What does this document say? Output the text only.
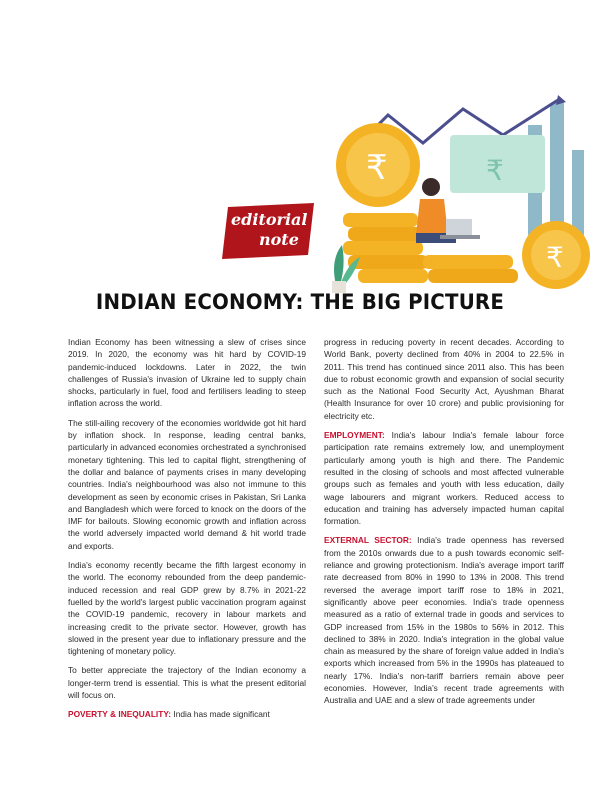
editorial
note
₹
₹
₹
INDIAN ECONOMY: THE BIG PICTURE

Indian Economy has been witnessing a slew of crises since 2019. In 2020, the economy was hit hard by COVID-19 pandemic-induced lockdowns. Later in 2022, the twin challenges of Russia's invasion of Ukraine led to supply chain shocks, particularly in fuel, food and fertilisers leading to steep inflation across the world.

The still-ailing recovery of the economies worldwide got hit hard by inflation shock. In response, leading central banks, particularly in advanced economies orchestrated a synchronised monetary tightening. This led to capital flight, strengthening of the dollar and balance of payments crises in many developing countries. India's neighbourhood was also not immune to this development as seen by economic crises in Pakistan, Sri Lanka and Bangladesh which were forced to knock on the doors of the IMF for bailouts. Slowing economic growth and inflation across the world adversely impacted world demand & hit world trade and exports.

India's economy recently became the fifth largest economy in the world. The economy rebounded from the deep pandemic-induced recession and real GDP grew by 8.7% in 2021-22 fuelled by the world's largest public vaccination program against the COVID-19 pandemic, recovery in labour markets and increasing credit to the private sector. However, growth has slowed in the present year due to inflationary pressure and the tightening of monetary policy.

To better appreciate the trajectory of the Indian economy a longer-term trend is essential. This is what the present editorial will focus on.

POVERTY & INEQUALITY: India has made significant

progress in reducing poverty in recent decades. According to World Bank, poverty declined from 40% in 2004 to 22.5% in 2011. This trend has continued since 2011 also. This has been due to robust economic growth and expansion of social security such as the National Food Security Act, Ayushman Bharat (Health Insurance for over 10 crore) and public provisioning for electricity etc.

EMPLOYMENT: India's labour India's female labour force participation rate remains extremely low, and unemployment particularly among youth is high and there. The Pandemic resulted in the closing of schools and most affected vulnerable groups such as females and youth with less education, daily wage labourers and migrant workers. Reduced access to education and training has adversely impacted human capital formation.

EXTERNAL SECTOR: India's trade openness has reversed from the 2010s onwards due to a push towards economic self-reliance and growing protectionism. India's average import tariff rate decreased from 80% in 1990 to 13% in 2008. This trend reversed the average import tariff rose to 18% in 2021, significantly above peer economies. India's trade openness measured as a ratio of external trade in goods and services to GDP increased from 15% in the 1980s to 56% in 2012. This declined to 38% in 2020. India's integration in the global value chain as measured by the share of foreign value added in India's exports which increased from 5% in the 1990s has plateaued to nearly 17%. India's non-tariff barriers remain above peer economies. However, India's recent trade agreements with Australia and UAE and a slew of trade agreements under
